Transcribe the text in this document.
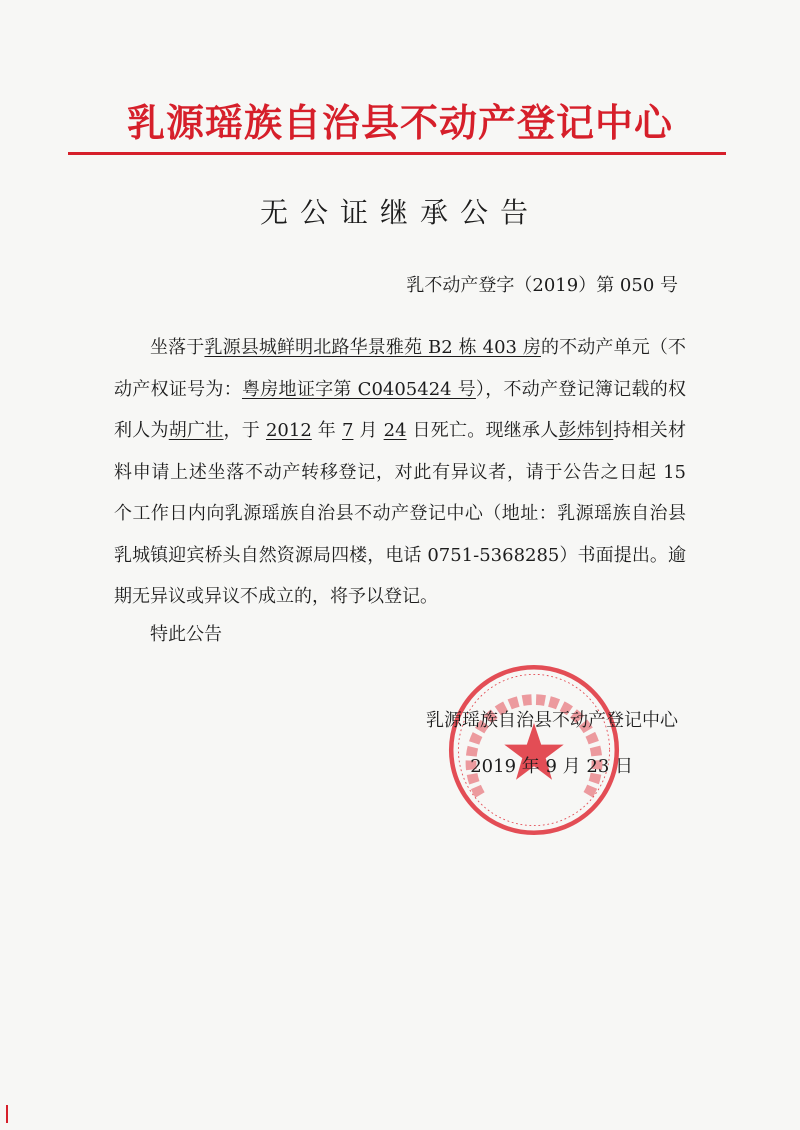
乳源瑶族自治县不动产登记中心
无公证继承公告
乳不动产登字（2019）第 050 号

坐落于乳源县城鲜明北路华景雅苑 B2 栋 403 房的不动产单元（不动产权证号为：粤房地证字第 C0405424 号），不动产登记簿记载的权利人为胡广壮，于 2012 年 7 月 24 日死亡。现继承人彭炜钊持相关材料申请上述坐落不动产转移登记，对此有异议者，请于公告之日起 15 个工作日内向乳源瑶族自治县不动产登记中心（地址：乳源瑶族自治县乳城镇迎宾桥头自然资源局四楼，电话 0751-5368285）书面提出。逾期无异议或异议不成立的，将予以登记。

特此公告
乳源瑶族自治县不动产登记中心
2019 年 9 月 23 日
